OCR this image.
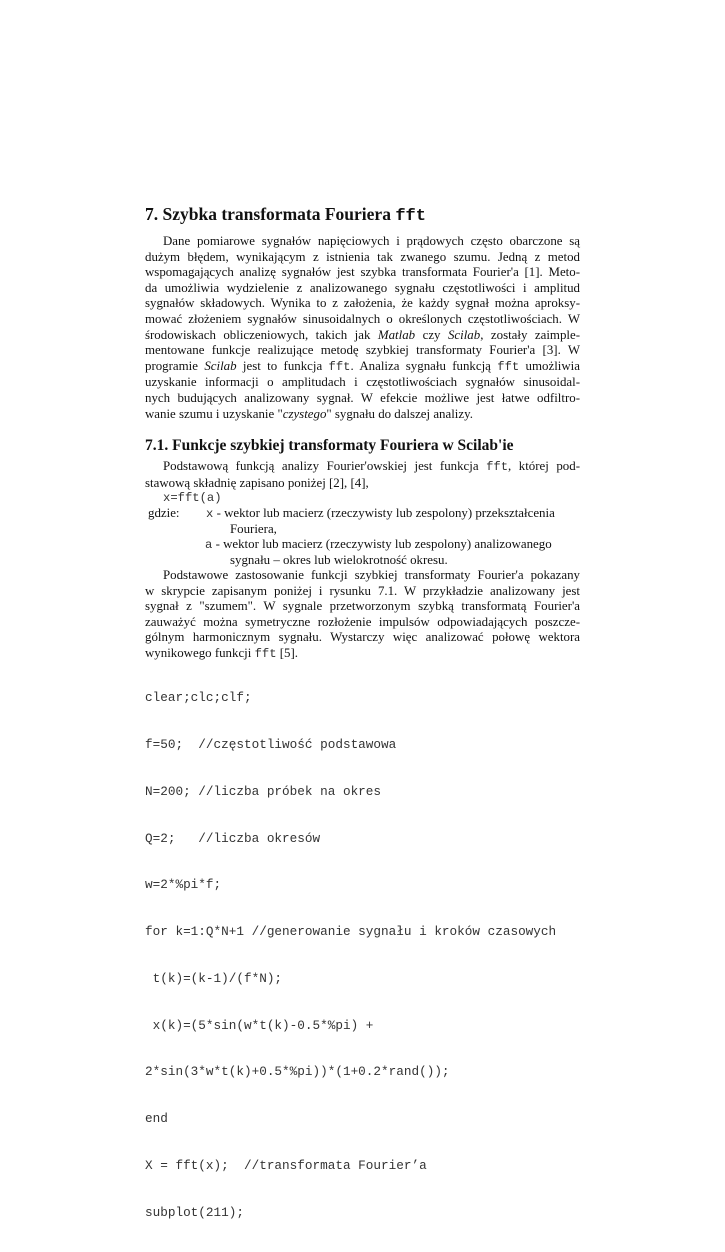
7. Szybka transformata Fouriera fft
Dane pomiarowe sygnałów napięciowych i prądowych często obarczone są
dużym błędem, wynikającym z istnienia tak zwanego szumu. Jedną z metod
wspomagających analizę sygnałów jest szybka transformata Fourier'a [1]. Meto-
da umożliwia wydzielenie z analizowanego sygnału częstotliwości i amplitud
sygnałów składowych. Wynika to z założenia, że każdy sygnał można aproksy-
mować złożeniem sygnałów sinusoidalnych o określonych częstotliwościach. W
środowiskach obliczeniowych, takich jak Matlab czy Scilab, zostały zaimple-
mentowane funkcje realizujące metodę szybkiej transformaty Fourier'a [3]. W
programie Scilab jest to funkcja fft. Analiza sygnału funkcją fft umożliwia
uzyskanie informacji o amplitudach i częstotliwościach sygnałów sinusoidal-
nych budujących analizowany sygnał. W efekcie możliwe jest łatwe odfiltro-
wanie szumu i uzyskanie "czystego" sygnału do dalszej analizy.
7.1. Funkcje szybkiej transformaty Fouriera w Scilab'ie
Podstawową funkcją analizy Fourier'owskiej jest funkcja fft, której pod-
stawową składnię zapisano poniżej [2], [4],
x=fft(a)
gdzie: x - wektor lub macierz (rzeczywisty lub zespolony) przekształcenia
Fouriera,
a - wektor lub macierz (rzeczywisty lub zespolony) analizowanego
sygnału – okres lub wielokrotność okresu.
Podstawowe zastosowanie funkcji szybkiej transformaty Fourier'a pokazany
w skrypcie zapisanym poniżej i rysunku 7.1. W przykładzie analizowany jest
sygnał z "szumem". W sygnale przetworzonym szybką transformatą Fourier'a
zauważyć można symetryczne rozłożenie impulsów odpowiadających poszcze-
gólnym harmonicznym sygnału. Wystarczy więc analizować połowę wektora
wynikowego funkcji fft [5].

clear;clc;clf;

f=50;  //częstotliwość podstawowa

N=200; //liczba próbek na okres

Q=2;   //liczba okresów

w=2*%pi*f;

for k=1:Q*N+1 //generowanie sygnału i kroków czasowych

t(k)=(k-1)/(f*N);

x(k)=(5*sin(w*t(k)-0.5*%pi) +

2*sin(3*w*t(k)+0.5*%pi))*(1+0.2*rand());

end

X = fft(x);  //transformata Fourier’a

subplot(211);
